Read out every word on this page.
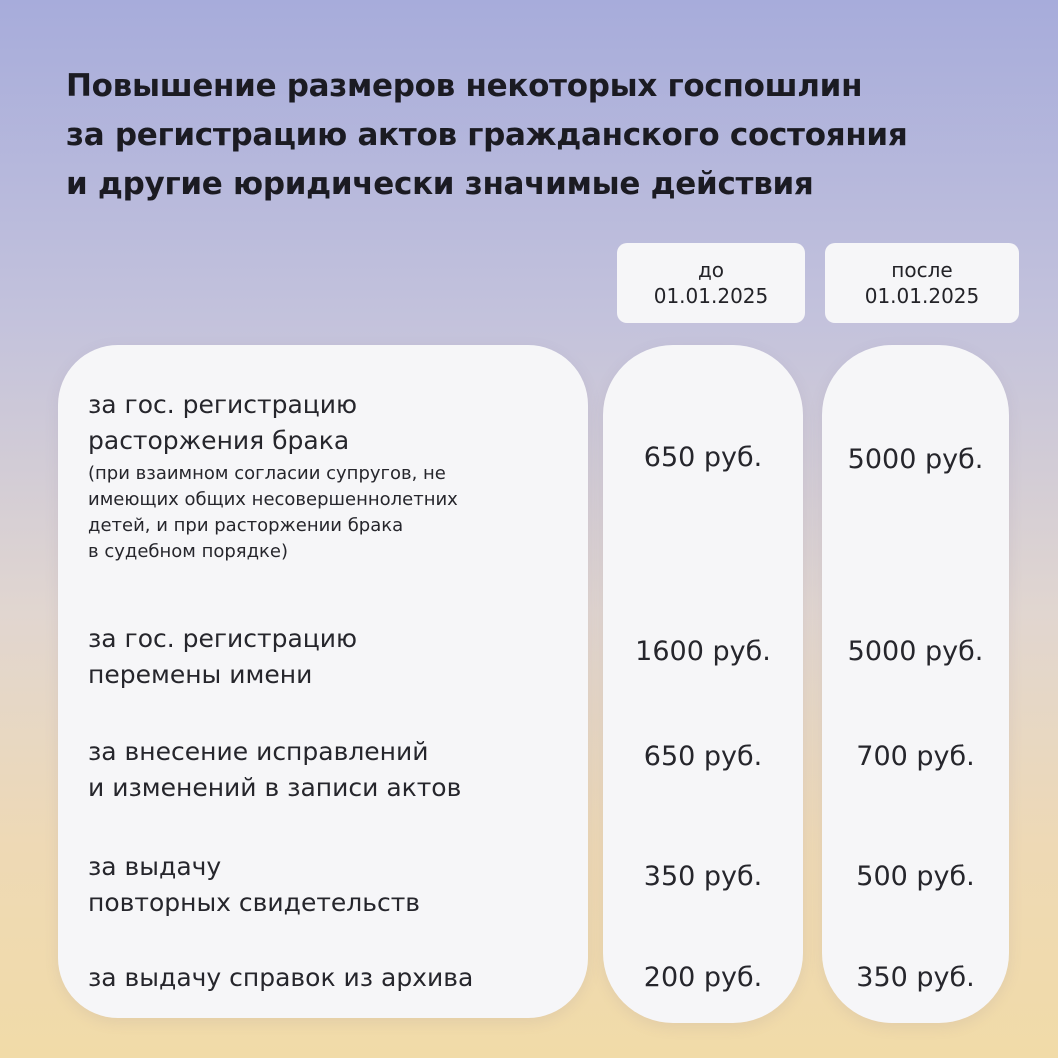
Повышение размеров некоторых госпошлин
за регистрацию актов гражданского состояния
и другие юридически значимые действия
до
01.01.2025
после
01.01.2025
за гос. регистрацию
расторжения брака
(при взаимном согласии супругов, не
имеющих общих несовершеннолетних
детей, и при расторжении брака
в судебном порядке)
650 руб.	5000 руб.
за гос. регистрацию
перемены имени
1600 руб.	5000 руб.
за внесение исправлений
и изменений в записи актов
650 руб.	700 руб.
за выдачу
повторных свидетельств
350 руб.	500 руб.
за выдачу справок из архива	200 руб.	350 руб.
